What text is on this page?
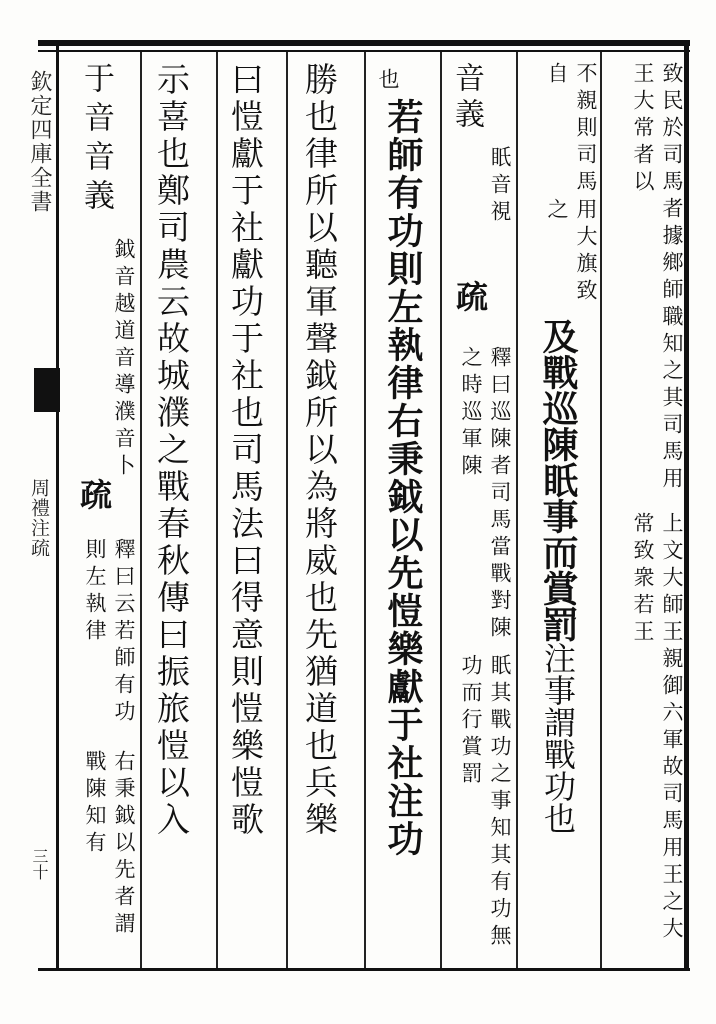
欽定四庫全書
周禮注疏
三十
致民於司馬者據鄉師職知之其司馬用王大常者以
上文大師王親御六軍故司馬用王之大常致衆若王
不親則司馬自
用大旗致之
及戰巡陳眂事而賞罰注事謂戰功也
音義
眂音
視
疏
釋曰巡陳者司馬當戰對陳之時巡軍陳
眂其戰功之事知其有功無功而行賞罰
也
若師有功則左執律右秉鉞以先愷樂獻于社注功
勝也律所以聽軍聲鉞所以為將威也先猶道也兵樂
曰愷獻于社獻功于社也司馬法曰得意則愷樂愷歌
示喜也鄭司農云故城濮之戰春秋傳曰振旅愷以入
于音音義
鉞音越道音
導濮音卜
疏
釋曰云若師有功則左執律
右秉鉞以先者謂戰陳知有
